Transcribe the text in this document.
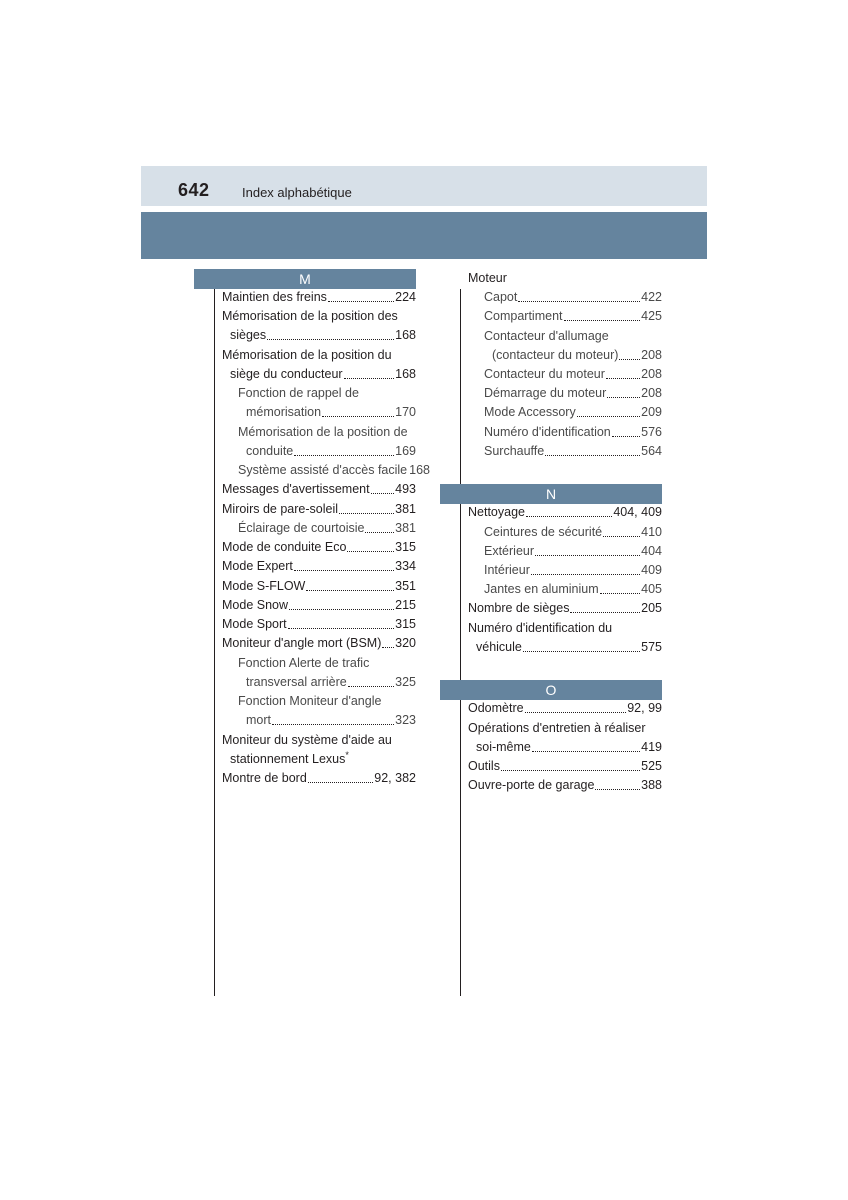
642 Index alphabétique
M
N
O
Maintien des freins	224
Mémorisation de la position des
sièges	168
Mémorisation de la position du
siège du conducteur	168
Fonction de rappel de
mémorisation	170
Mémorisation de la position de
conduite	169
Système assisté d'accès facile 168
Messages d'avertissement 493
Miroirs de pare-soleil	381
Éclairage de courtoisie 381
Mode de conduite Eco	315
Mode Expert	334
Mode S-FLOW	351
Mode Snow	215
Mode Sport	315
Moniteur d'angle mort (BSM) 320
Fonction Alerte de trafic
transversal arrière	325
Fonction Moniteur d'angle
mort	323
Moniteur du système d'aide au
stationnement Lexus*
Montre de bord	92, 382
Moteur
Capot	422
Compartiment	425
Contacteur d'allumage
(contacteur du moteur) 208
Contacteur du moteur	208
Démarrage du moteur	208
Mode Accessory	209
Numéro d'identification 576
Surchauffe	564
Nettoyage	404, 409
Ceintures de sécurité	410
Extérieur	404
Intérieur	409
Jantes en aluminium	405
Nombre de sièges	205
Numéro d'identification du
véhicule	575
Odomètre	92, 99
Opérations d'entretien à réaliser
soi-même	419
Outils	525
Ouvre-porte de garage	388
